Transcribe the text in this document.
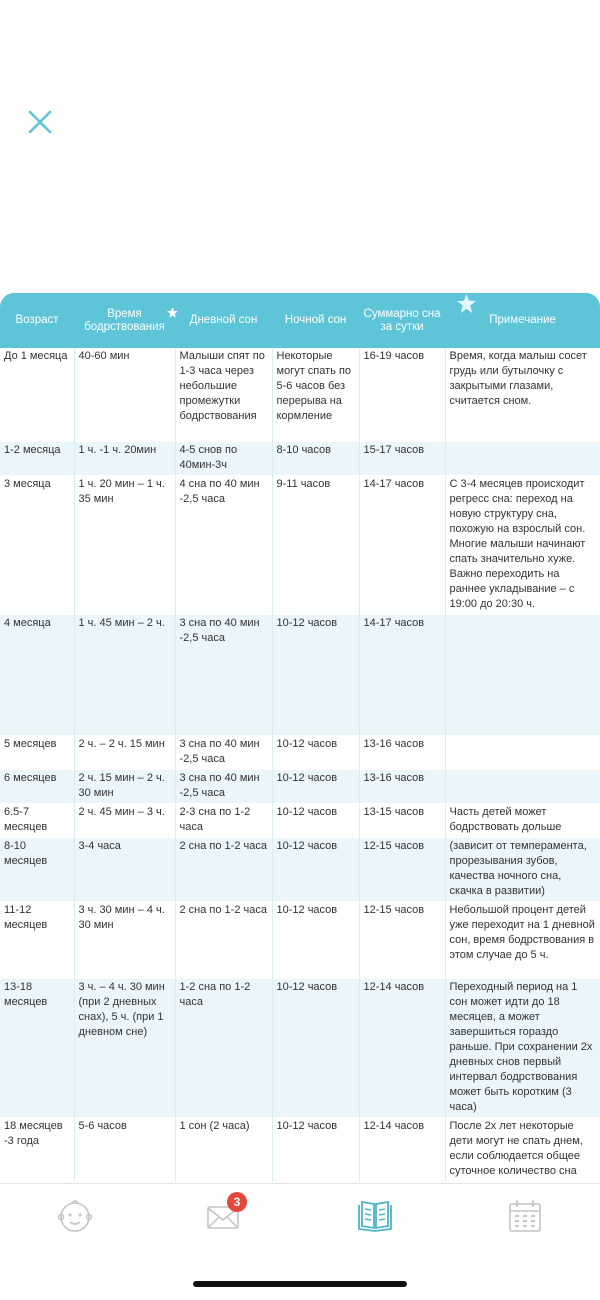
Возраст	Время бодрствования	Дневной сон	Ночной сон	Суммарно сна за сутки	Примечание
До 1 месяца	40-60 мин	Малыши спят по 1-3 часа через небольшие промежутки бодрствования	Некоторые могут спать по 5-6 часов без перерыва на кормление	16-19 часов	Время, когда малыш сосет грудь или бутылочку с закрытыми глазами, считается сном.
1-2 месяца	1 ч. -1 ч. 20мин	4-5 снов по 40мин-3ч	8-10 часов	15-17 часов	
3 месяца	1 ч. 20 мин – 1 ч. 35 мин	4 сна по 40 мин -2,5 часа	9-11 часов	14-17 часов	С 3-4 месяцев происходит регресс сна: переход на новую структуру сна, похожую на взрослый сон. Многие малыши начинают спать значительно хуже. Важно переходить на раннее укладывание – с 19:00 до 20:30 ч.
4 месяца	1 ч. 45 мин – 2 ч.	3 сна по 40 мин -2,5 часа	10-12 часов	14-17 часов	
5 месяцев	2 ч. – 2 ч. 15 мин	3 сна по 40 мин -2,5 часа	10-12 часов	13-16 часов	
6 месяцев	2 ч. 15 мин – 2 ч. 30 мин	3 сна по 40 мин -2,5 часа	10-12 часов	13-16 часов	
6.5-7 месяцев	2 ч. 45 мин – 3 ч.	2-3 сна по 1-2 часа	10-12 часов	13-15 часов	Часть детей может бодрствовать дольше
8-10 месяцев	3-4 часа	2 сна по 1-2 часа	10-12 часов	12-15 часов	(зависит от темперамента, прорезывания зубов, качества ночного сна, скачка в развитии)
11-12 месяцев	3 ч. 30 мин – 4 ч. 30 мин	2 сна по 1-2 часа	10-12 часов	12-15 часов	Небольшой процент детей уже переходит на 1 дневной сон, время бодрствования в этом случае до 5 ч.
13-18 месяцев	3 ч. – 4 ч. 30 мин (при 2 дневных снах), 5 ч. (при 1 дневном сне)	1-2 сна по 1-2 часа	10-12 часов	12-14 часов	Переходный период на 1 сон может идти до 18 месяцев, а может завершиться гораздо раньше. При сохранении 2х дневных снов первый интервал бодрствования может быть коротким (3 часа)
18 месяцев -3 года	5-6 часов	1 сон (2 часа)	10-12 часов	12-14 часов	После 2х лет некоторые дети могут не спать днем, если соблюдается общее суточное количество сна
3
